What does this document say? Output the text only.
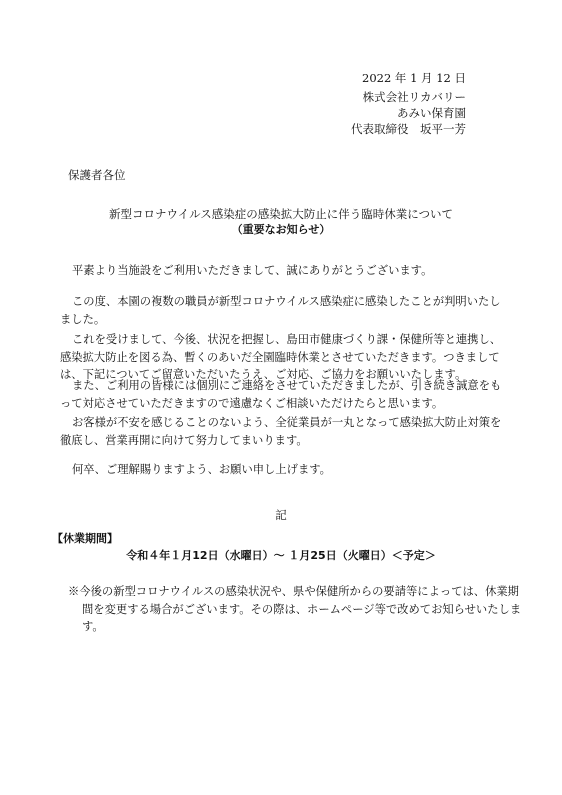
2022 年 1 月 12 日
株式会社リカバリー
あみい保育園
代表取締役　坂平一芳
保護者各位
新型コロナウイルス感染症の感染拡大防止に伴う臨時休業について
（重要なお知らせ）

平素より当施設をご利用いただきまして、誠にありがとうございます。

この度、本園の複数の職員が新型コロナウイルス感染症に感染したことが判明いたしました。

これを受けまして、今後、状況を把握し、島田市健康づくり課・保健所等と連携し、感染拡大防止を図る為、暫くのあいだ全園臨時休業とさせていただきます。つきましては、下記についてご留意いただいたうえ、ご対応、ご協力をお願いいたします。

また、ご利用の皆様には個別にご連絡をさせていただきましたが、引き続き誠意をもって対応させていただきますので遠慮なくご相談いただけたらと思います。

お客様が不安を感じることのないよう、全従業員が一丸となって感染拡大防止対策を徹底し、営業再開に向けて努力してまいります。

何卒、ご理解賜りますよう、お願い申し上げます。

記
【休業期間】
令和４年１月12日（水曜日）～ １月25日（火曜日）＜予定＞

※今後の新型コロナウイルスの感染状況や、県や保健所からの要請等によっては、休業期間を変更する場合がございます。その際は、ホームページ等で改めてお知らせいたします。
